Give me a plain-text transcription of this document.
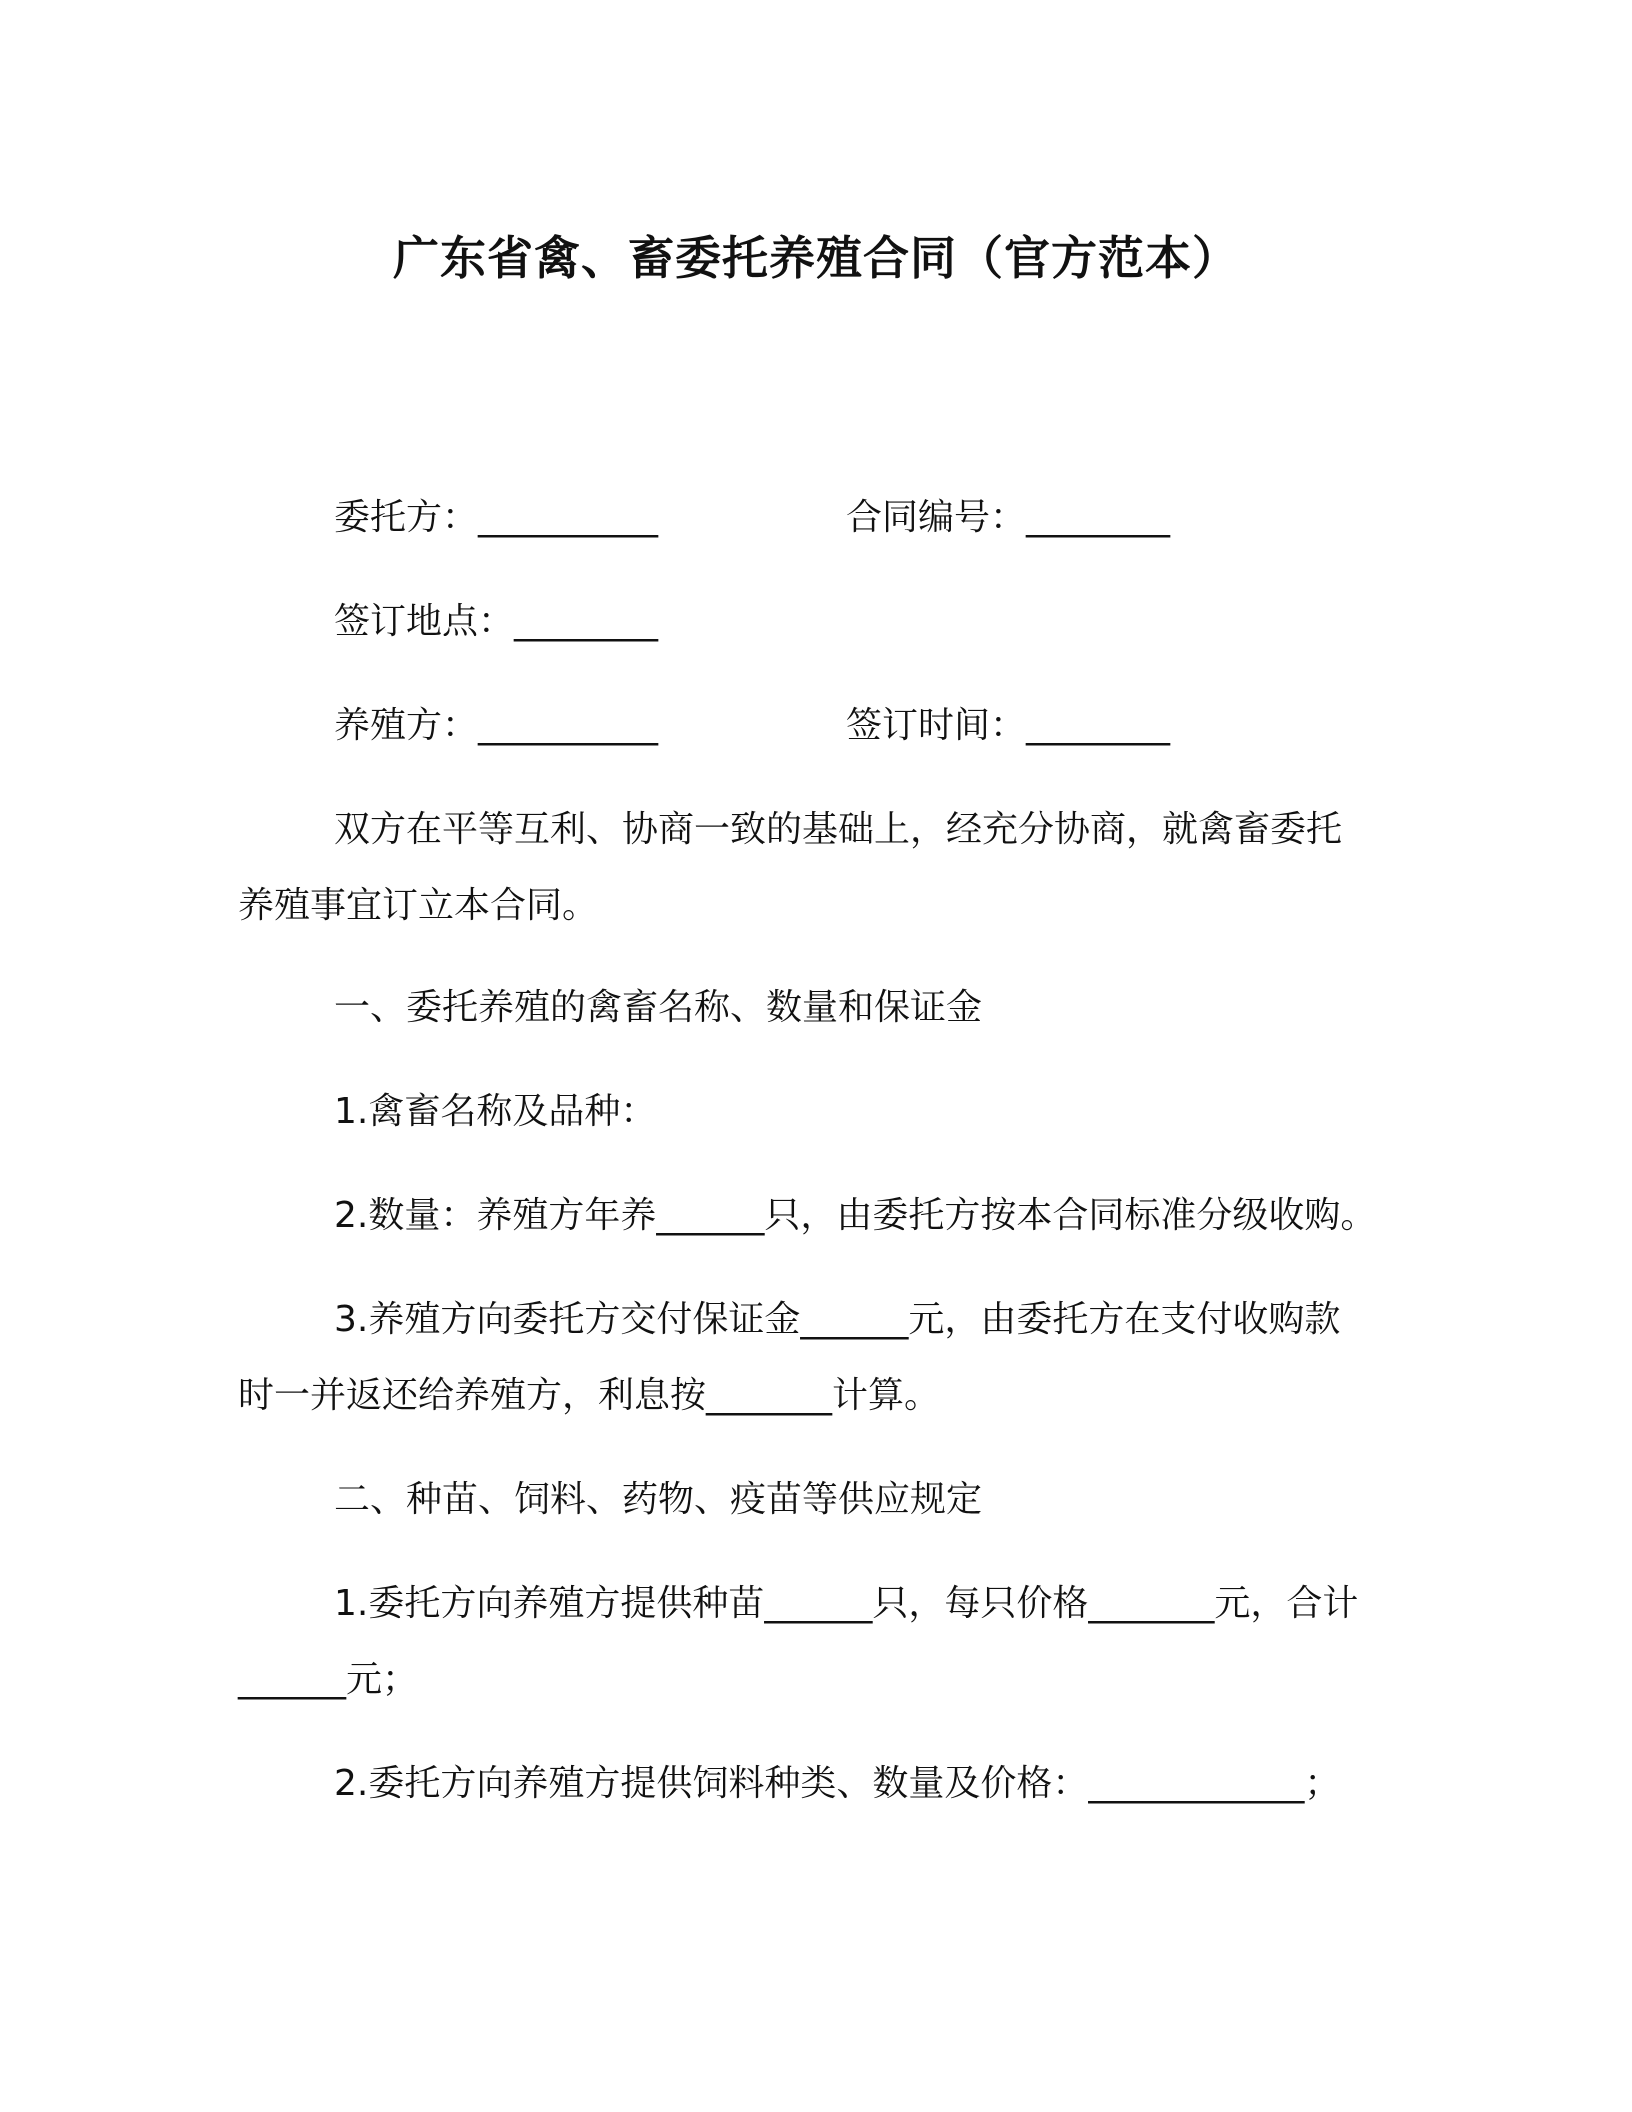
广东省禽、畜委托养殖合同（官方范本）

委托方：__________	合同编号：________

签订地点：________

养殖方：__________	签订时间：________

双方在平等互利、协商一致的基础上，经充分协商，就禽畜委托

养殖事宜订立本合同。

一、委托养殖的禽畜名称、数量和保证金

1.禽畜名称及品种：

2.数量：养殖方年养______只，由委托方按本合同标准分级收购。

3.养殖方向委托方交付保证金______元，由委托方在支付收购款

时一并返还给养殖方，利息按_______计算。

二、种苗、饲料、药物、疫苗等供应规定

1.委托方向养殖方提供种苗______只，每只价格_______元，合计

______元；

2.委托方向养殖方提供饲料种类、数量及价格：____________；
